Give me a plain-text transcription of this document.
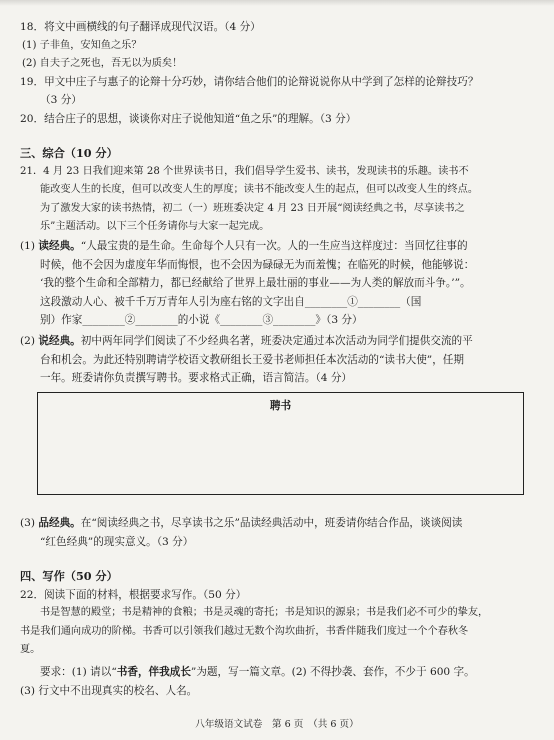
18．将文中画横线的句子翻译成现代汉语。（4 分）
(1) 子非鱼，安知鱼之乐？
(2) 自夫子之死也，吾无以为质矣！
19．甲文中庄子与惠子的论辩十分巧妙，请你结合他们的论辩说说你从中学到了怎样的论辩技巧？
（3 分）
20．结合庄子的思想，谈谈你对庄子说他知道“鱼之乐”的理解。（3 分）
三、综合（10 分）
21．4 月 23 日我们迎来第 28 个世界读书日，我们倡导学生爱书、读书，发现读书的乐趣。读书不
能改变人生的长度，但可以改变人生的厚度；读书不能改变人生的起点，但可以改变人生的终点。
为了激发大家的读书热情，初二（一）班班委决定 4 月 23 日开展“阅读经典之书，尽享读书之
乐”主题活动。以下三个任务请你与大家一起完成。
(1) 读经典。“人最宝贵的是生命。生命每个人只有一次。人的一生应当这样度过：当回忆往事的
时候，他不会因为虚度年华而悔恨，也不会因为碌碌无为而羞愧；在临死的时候，他能够说：
‘我的整个生命和全部精力，都已经献给了世界上最壮丽的事业——为人类的解放而斗争。’”。
这段激动人心、被千千万万青年人引为座右铭的文字出自________①________（国
别）作家________②________的小说《________③________》（3 分）
(2) 说经典。初中两年同学们阅读了不少经典名著，班委决定通过本次活动为同学们提供交流的平
台和机会。为此还特别聘请学校语文教研组长王爱书老师担任本次活动的“读书大使”，任期
一年。班委请你负责撰写聘书。要求格式正确，语言简洁。（4 分）
聘书
(3) 品经典。在“阅读经典之书，尽享读书之乐”品读经典活动中，班委请你结合作品，谈谈阅读
“红色经典”的现实意义。（3 分）
四、写作（50 分）
22．阅读下面的材料，根据要求写作。（50 分）
书是智慧的殿堂；书是精神的食粮；书是灵魂的寄托；书是知识的源泉；书是我们必不可少的挚友，
书是我们通向成功的阶梯。书香可以引领我们越过无数个沟坎曲折，书香伴随我们度过一个个春秋冬
夏。
要求：(1) 请以“书香，伴我成长”为题，写一篇文章。(2) 不得抄袭、套作，不少于 600 字。
(3) 行文中不出现真实的校名、人名。
八年级语文试卷　第 6 页　（共 6 页）
